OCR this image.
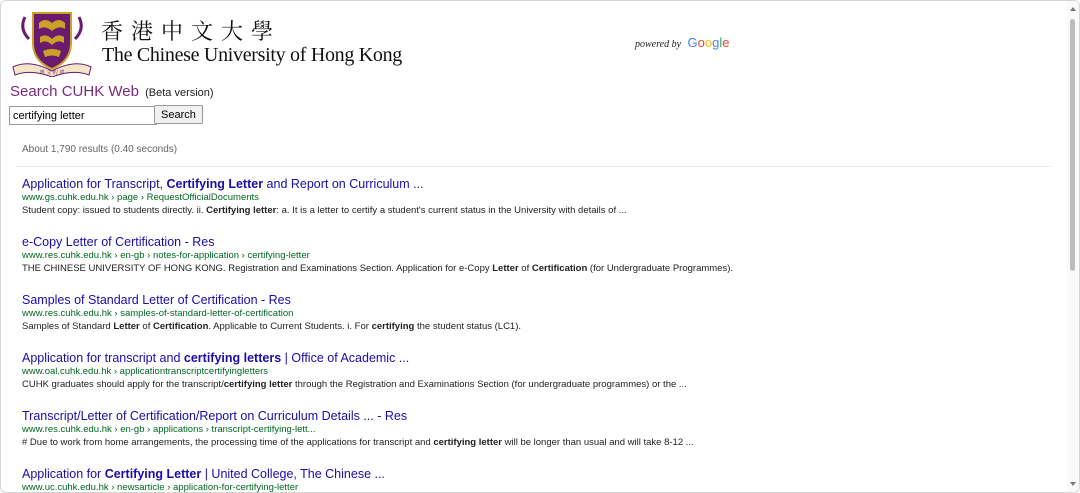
博 文 約 禮
香港中文大學
The Chinese University of Hong Kong	powered by Google
Search CUHK Web (Beta version)
certifying letter
Search
About 1,790 results (0.40 seconds)
Application for Transcript, Certifying Letter and Report on Curriculum ...
www.gs.cuhk.edu.hk › page › RequestOfficialDocuments
Student copy: issued to students directly. ii. Certifying letter: a. It is a letter to certify a student's current status in the University with details of ...
e-Copy Letter of Certification - Res
www.res.cuhk.edu.hk › en-gb › notes-for-application › certifying-letter
THE CHINESE UNIVERSITY OF HONG KONG. Registration and Examinations Section. Application for e-Copy Letter of Certification (for Undergraduate Programmes).
Samples of Standard Letter of Certification - Res
www.res.cuhk.edu.hk › samples-of-standard-letter-of-certification
Samples of Standard Letter of Certification. Applicable to Current Students. i. For certifying the student status (LC1).
Application for transcript and certifying letters | Office of Academic ...
www.oal.cuhk.edu.hk › applicationtranscriptcertifyingletters
CUHK graduates should apply for the transcript/certifying letter through the Registration and Examinations Section (for undergraduate programmes) or the ...
Transcript/Letter of Certification/Report on Curriculum Details ... - Res
www.res.cuhk.edu.hk › en-gb › applications › transcript-certifying-lett...
# Due to work from home arrangements, the processing time of the applications for transcript and certifying letter will be longer than usual and will take 8-12 ...
Application for Certifying Letter | United College, The Chinese ...
www.uc.cuhk.edu.hk › newsarticle › application-for-certifying-letter
